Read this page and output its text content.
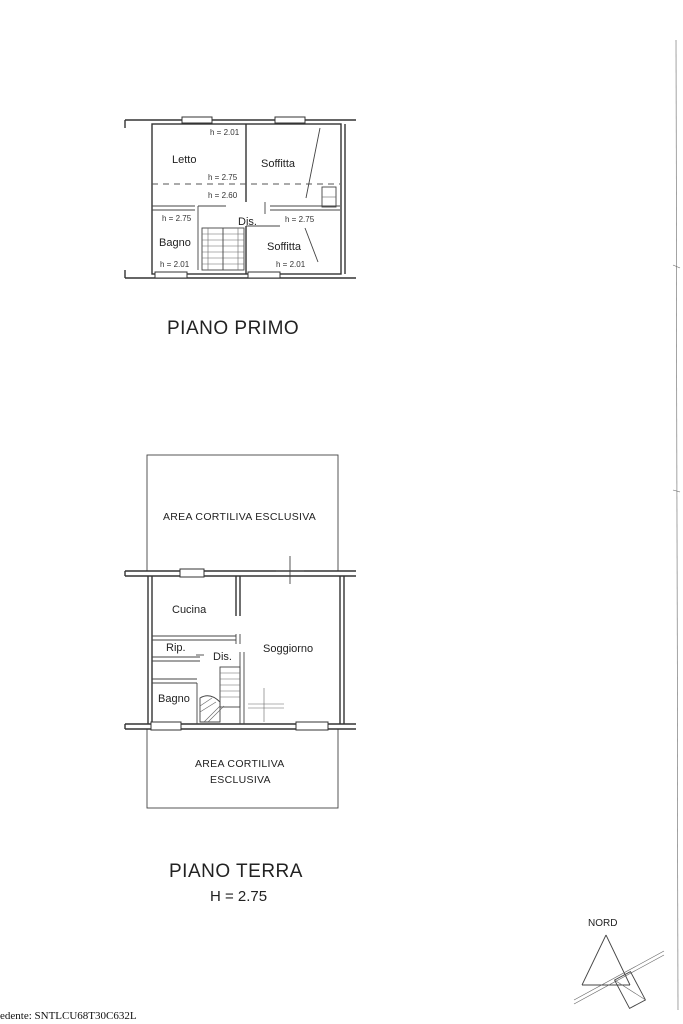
Letto	Soffitta
Dis.
Bagno	Soffitta
h = 2.01
h = 2.75
h = 2.60
h = 2.75	h = 2.75
h = 2.01	h = 2.01
PIANO PRIMO
AREA CORTILIVA ESCLUSIVA
AREA CORTILIVA
ESCLUSIVA
Cucina
Rip.
Dis.
Soggiorno
Bagno
PIANO TERRA
H = 2.75
NORD
edente: SNTLCU68T30C632L
